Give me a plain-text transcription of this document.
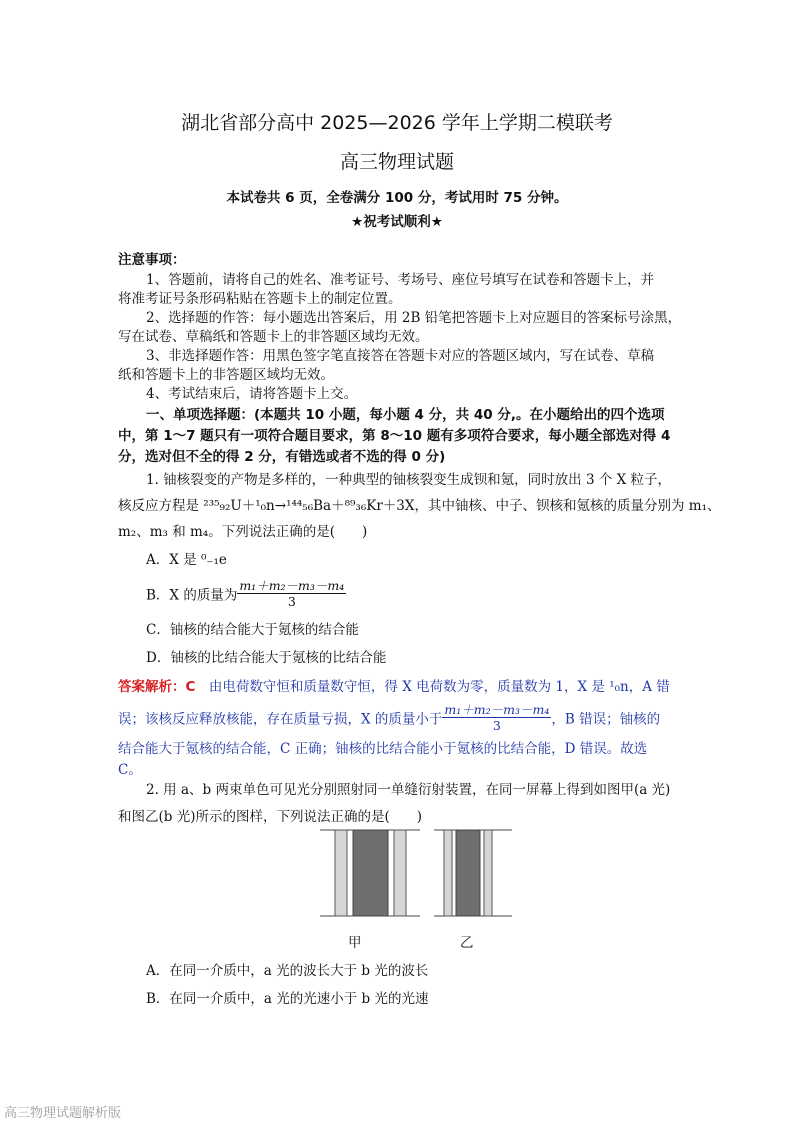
湖北省部分高中 2025—2026 学年上学期二模联考
高三物理试题
本试卷共 6 页，全卷满分 100 分，考试用时 75 分钟。
★祝考试顺利★
注意事项：
1、答题前，请将自己的姓名、准考证号、考场号、座位号填写在试卷和答题卡上，并
将准考证号条形码粘贴在答题卡上的制定位置。
2、选择题的作答：每小题选出答案后，用 2B 铅笔把答题卡上对应题目的答案标号涂黑，
写在试卷、草稿纸和答题卡上的非答题区域均无效。
3、非选择题作答：用黑色签字笔直接答在答题卡对应的答题区域内，写在试卷、草稿
纸和答题卡上的非答题区域均无效。
4、考试结束后，请将答题卡上交。
一、单项选择题：(本题共 10 小题，每小题 4 分，共 40 分,。在小题给出的四个选项
中，第 1～7 题只有一项符合题目要求，第 8～10 题有多项符合要求，每小题全部选对得 4
分，选对但不全的得 2 分，有错选或者不选的得 0 分)
1. 铀核裂变的产物是多样的，一种典型的铀核裂变生成钡和氪，同时放出 3 个 X 粒子，
核反应方程是 ²³⁵₉₂U＋¹₀n→¹⁴⁴₅₆Ba＋⁸⁹₃₆Kr＋3X，其中铀核、中子、钡核和氪核的质量分别为 m₁、
m₂、m₃ 和 m₄。下列说法正确的是(　　)
A．X 是 ⁰₋₁e
B．X 的质量为 $\frac{\text{m₁＋m₂－m₃－m₄}}{3}$
C．铀核的结合能大于氪核的结合能
D．铀核的比结合能大于氪核的比结合能
答案解析：C　 由电荷数守恒和质量数守恒，得 X 电荷数为零，质量数为 1，X 是 ¹₀n，A 错
误；该核反应释放核能，存在质量亏损，X 的质量小于 $\frac{\text{m₁＋m₂－m₃－m₄}}{3}$ ，B 错误；铀核的
结合能大于氪核的结合能，C 正确；铀核的比结合能小于氪核的比结合能，D 错误。故选
C。
2. 用 a、b 两束单色可见光分别照射同一单缝衍射装置，在同一屏幕上得到如图甲(a 光)
和图乙(b 光)所示的图样，下列说法正确的是(　　)
甲	乙
A．在同一介质中，a 光的波长大于 b 光的波长
B．在同一介质中，a 光的光速小于 b 光的光速
高三物理试题解析版
